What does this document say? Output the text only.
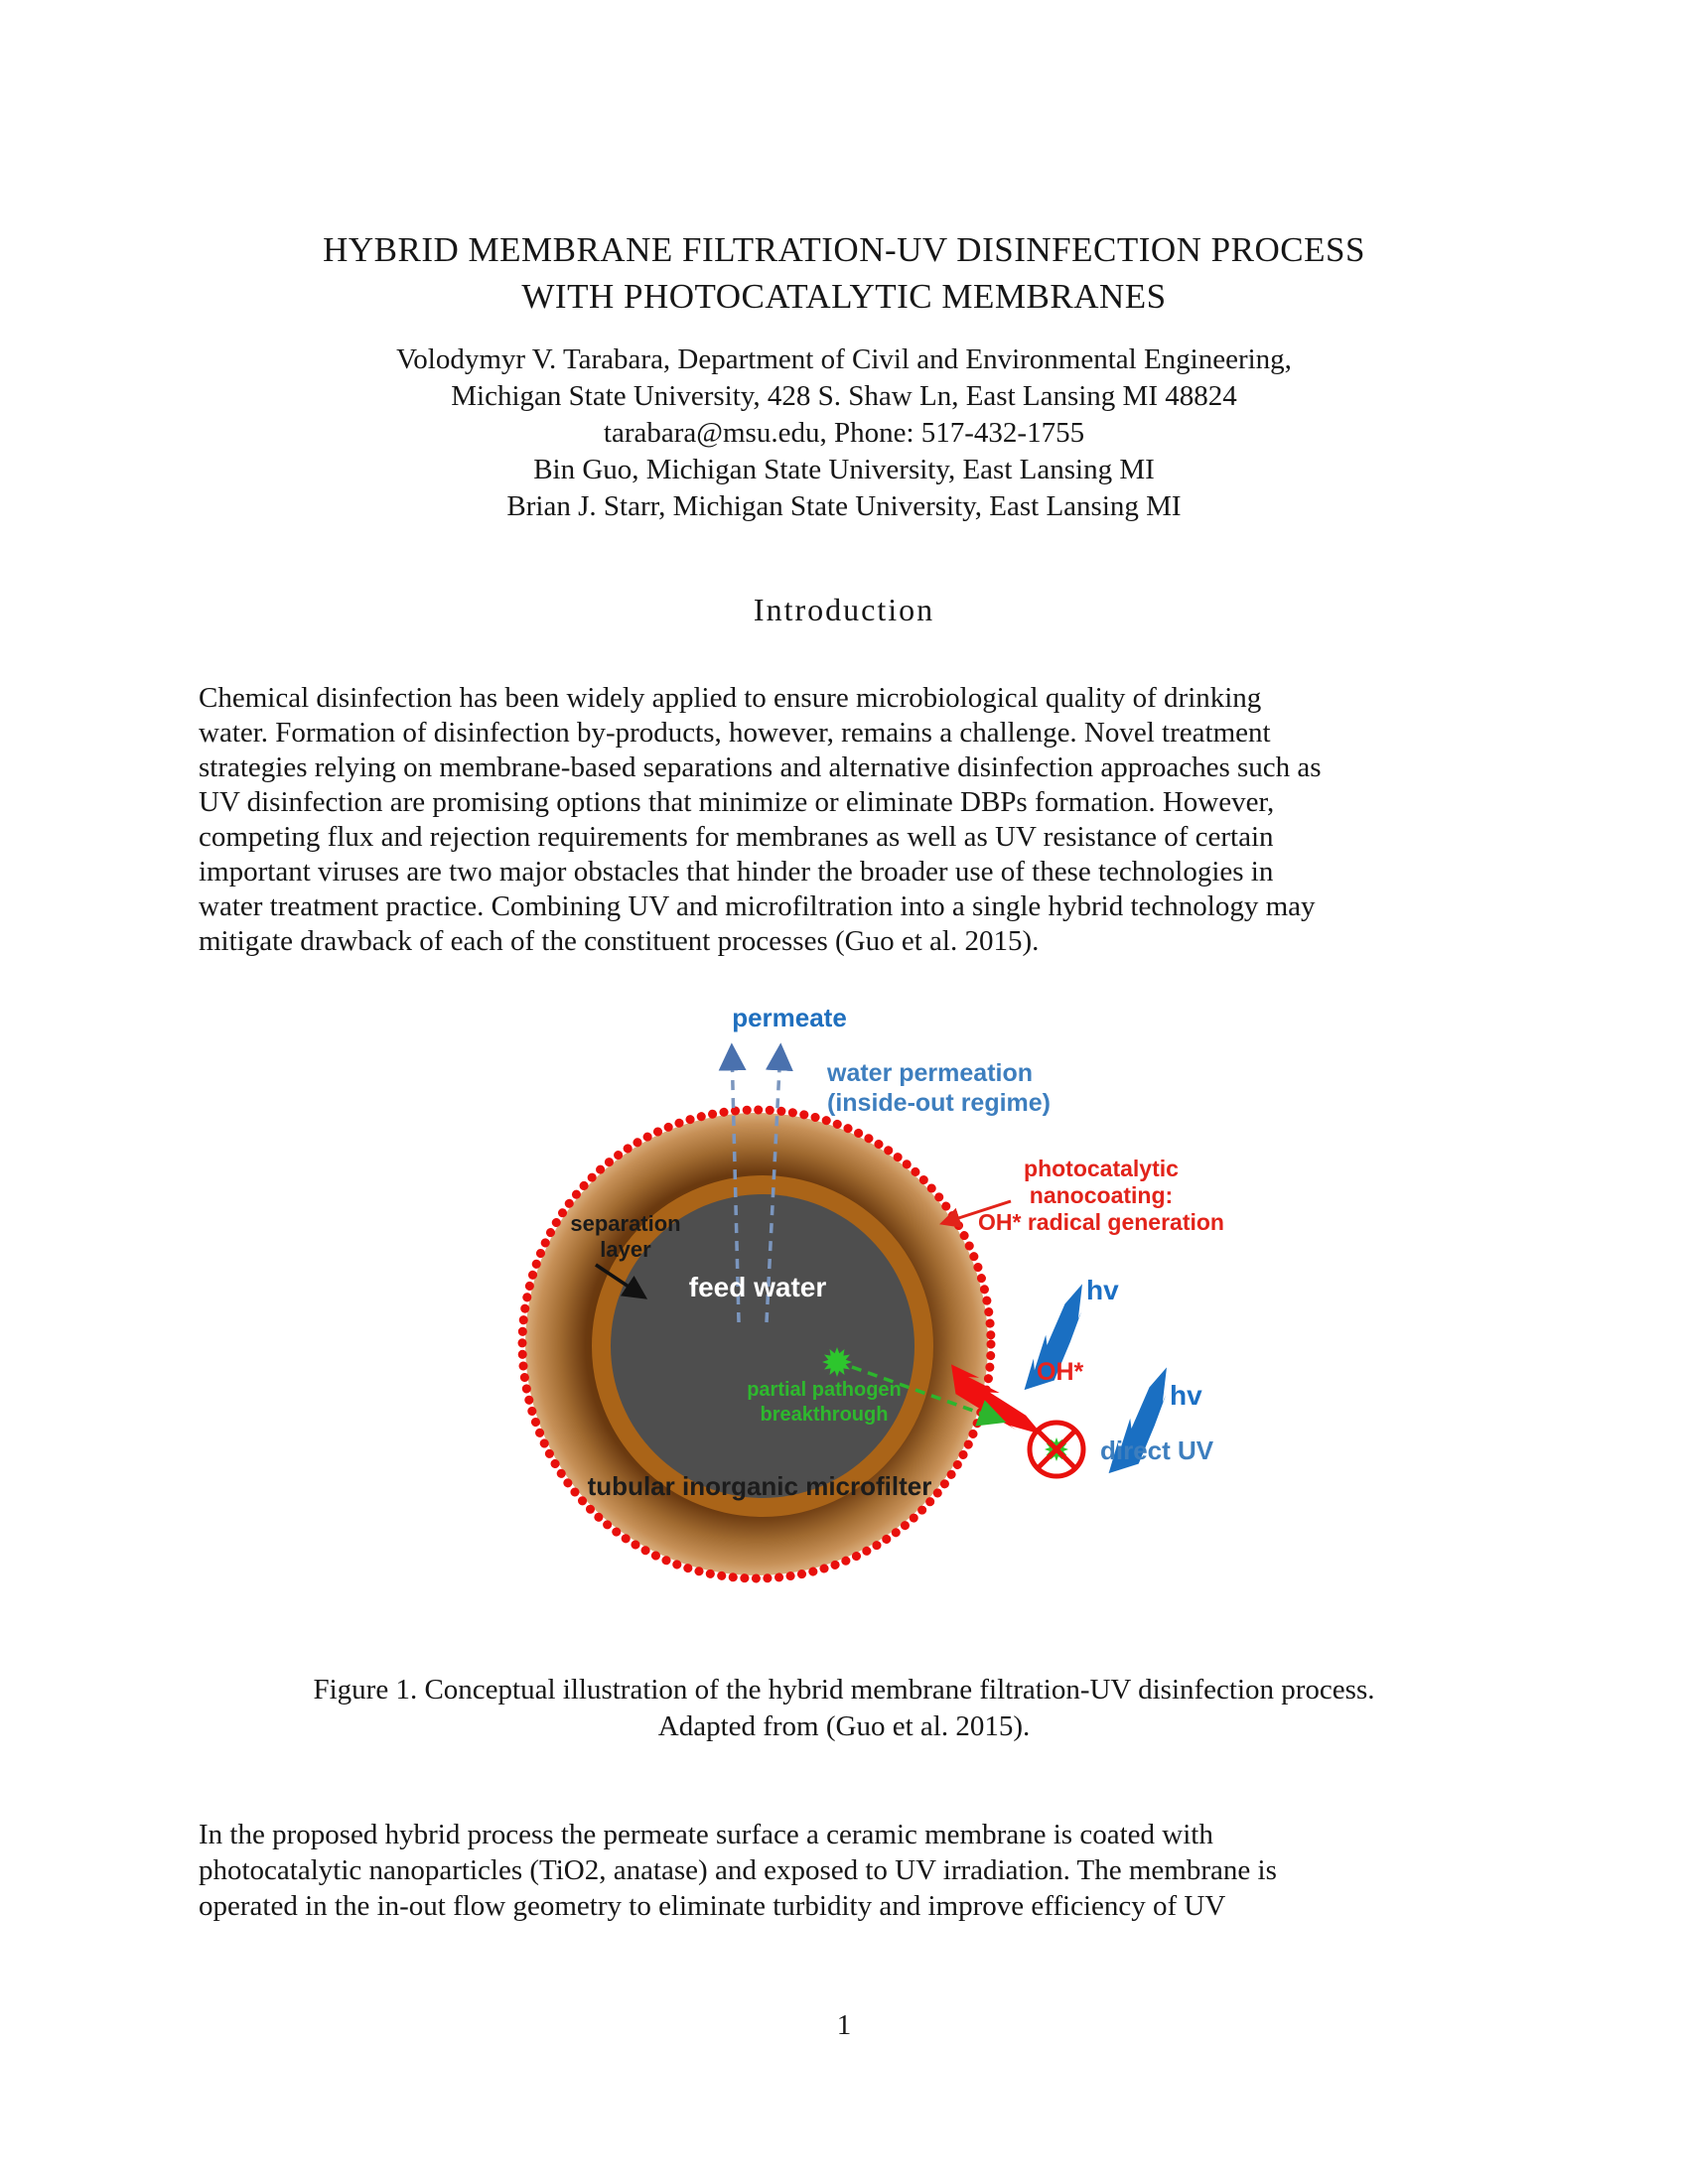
HYBRID MEMBRANE FILTRATION-UV DISINFECTION PROCESS
WITH PHOTOCATALYTIC MEMBRANES
Volodymyr V. Tarabara, Department of Civil and Environmental Engineering,
Michigan State University, 428 S. Shaw Ln, East Lansing MI 48824
tarabara@msu.edu, Phone: 517-432-1755
Bin Guo, Michigan State University, East Lansing MI
Brian J. Starr, Michigan State University, East Lansing MI
Introduction
Chemical disinfection has been widely applied to ensure microbiological quality of drinking
water. Formation of disinfection by-products, however, remains a challenge. Novel treatment
strategies relying on membrane-based separations and alternative disinfection approaches such as
UV disinfection are promising options that minimize or eliminate DBPs formation. However,
competing flux and rejection requirements for membranes as well as UV resistance of certain
important viruses are two major obstacles that hinder the broader use of these technologies in
water treatment practice. Combining UV and microfiltration into a single hybrid technology may
mitigate drawback of each of the constituent processes (Guo et al. 2015).
permeate
water permeation
(inside-out regime)
separation
layer
feed water
photocatalytic
nanocoating:
OH* radical generation
hv
OH*
hv
direct UV
partial pathogen
breakthrough
tubular inorganic microfilter
Figure 1. Conceptual illustration of the hybrid membrane filtration-UV disinfection process.
Adapted from (Guo et al. 2015).
In the proposed hybrid process the permeate surface a ceramic membrane is coated with
photocatalytic nanoparticles (TiO2, anatase) and exposed to UV irradiation. The membrane is
operated in the in-out flow geometry to eliminate turbidity and improve efficiency of UV
1
